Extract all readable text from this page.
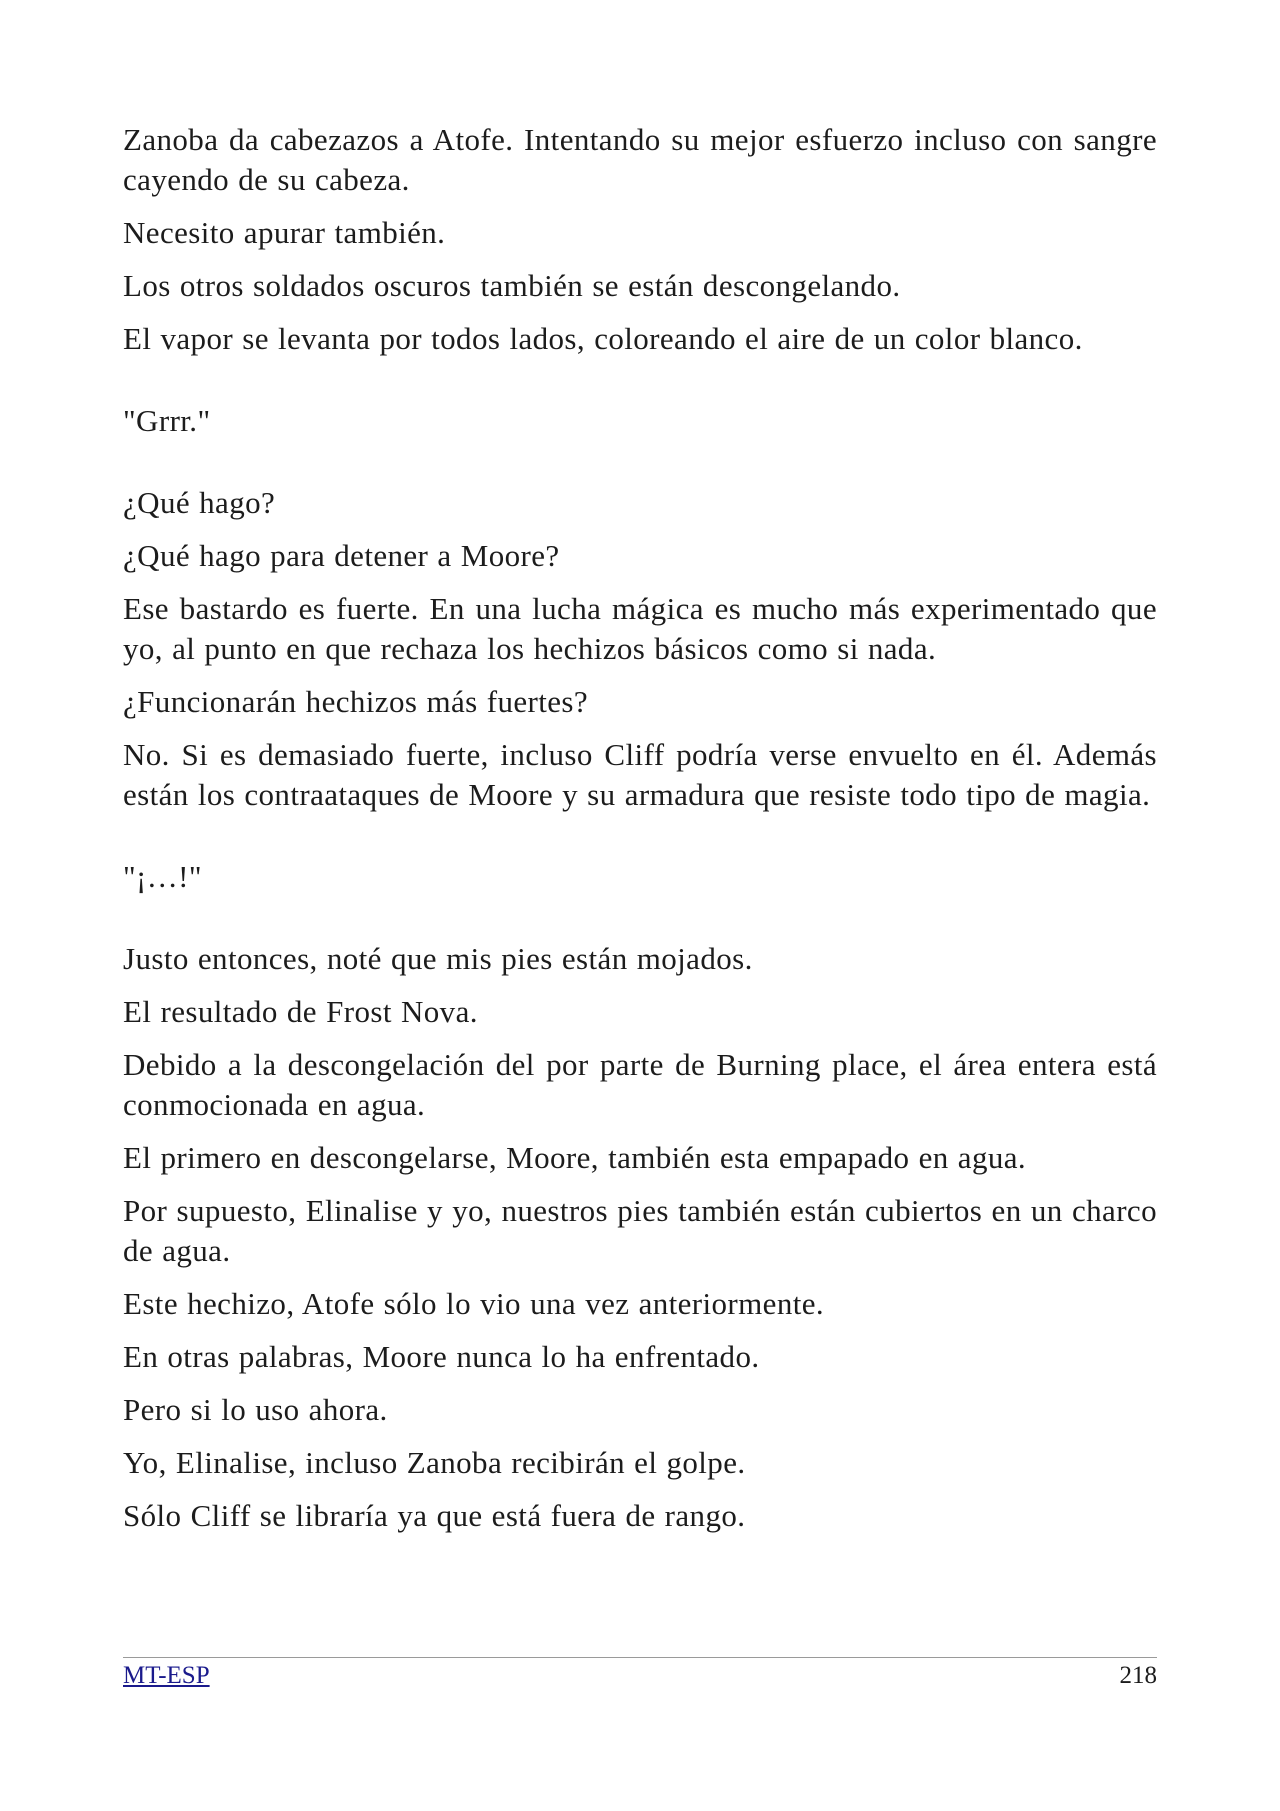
Zanoba da cabezazos a Atofe. Intentando su mejor esfuerzo incluso con sangre cayendo de su cabeza.

Necesito apurar también.

Los otros soldados oscuros también se están descongelando.

El vapor se levanta por todos lados, coloreando el aire de un color blanco.

"Grrr."

¿Qué hago?

¿Qué hago para detener a Moore?

Ese bastardo es fuerte. En una lucha mágica es mucho más experimentado que yo, al punto en que rechaza los hechizos básicos como si nada.

¿Funcionarán hechizos más fuertes?

No. Si es demasiado fuerte, incluso Cliff podría verse envuelto en él. Además están los contraataques de Moore y su armadura que resiste todo tipo de magia.

"¡…!"

Justo entonces, noté que mis pies están mojados.

El resultado de Frost Nova.

Debido a la descongelación del por parte de Burning place, el área entera está conmocionada en agua.

El primero en descongelarse, Moore, también esta empapado en agua.

Por supuesto, Elinalise y yo, nuestros pies también están cubiertos en un charco de agua.

Este hechizo, Atofe sólo lo vio una vez anteriormente.

En otras palabras, Moore nunca lo ha enfrentado.

Pero si lo uso ahora.

Yo, Elinalise, incluso Zanoba recibirán el golpe.

Sólo Cliff se libraría ya que está fuera de rango.

MT-ESP	218
